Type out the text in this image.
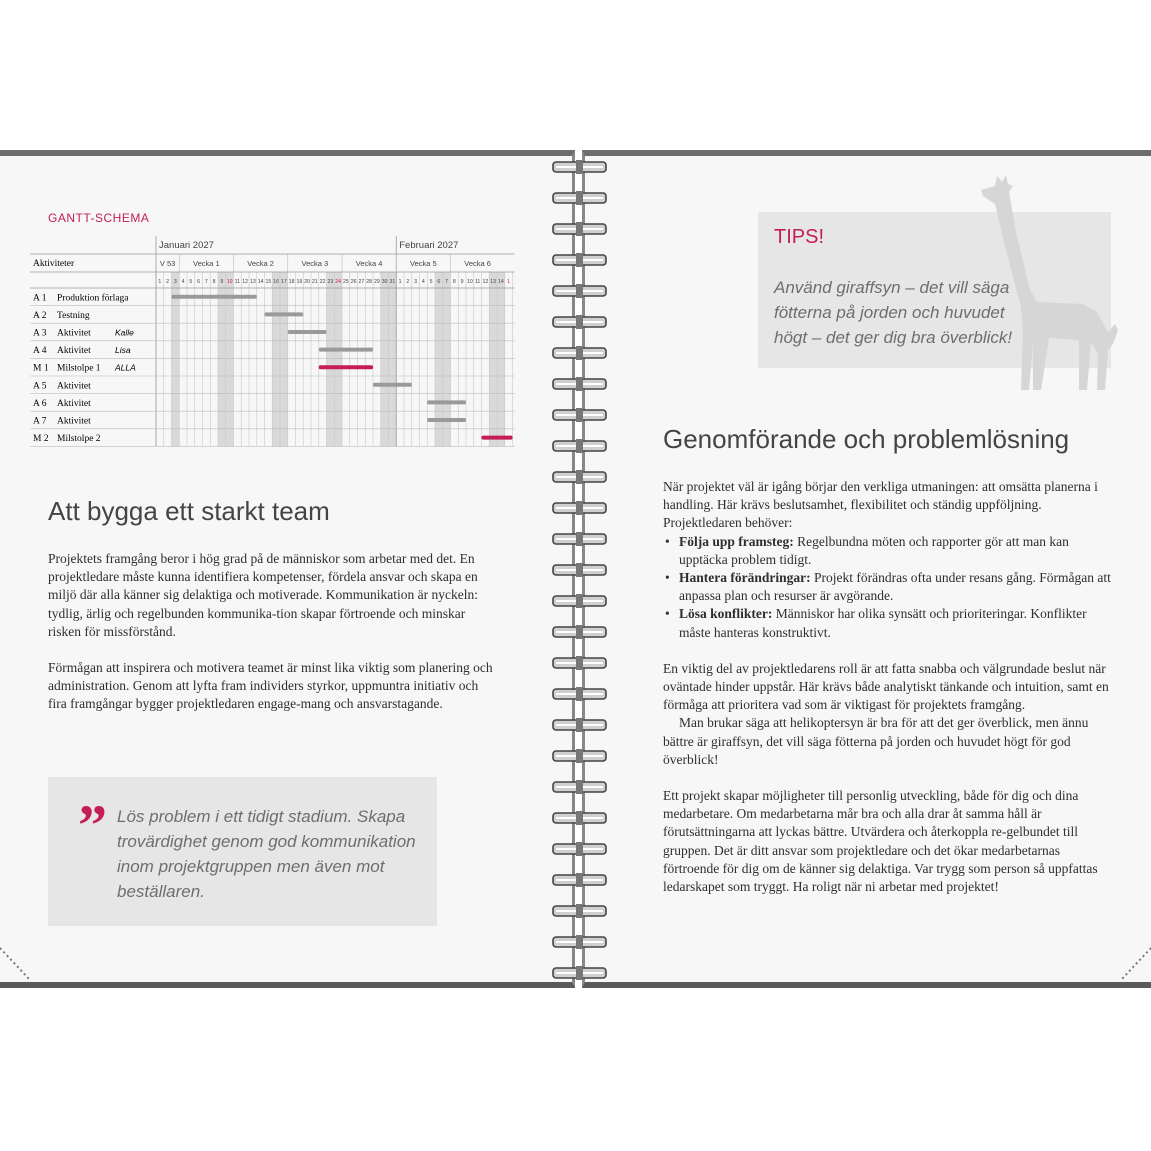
GANTT-SCHEMA
Januari 2027	Februari 2027
Aktiviteter	V 53 Vecka 1	Vecka 2	Vecka 3	Vecka 4	Vecka 5	Vecka 6
1 2 3 4 5 6 7 8 9 10 11 12 13 14 15 16 17 18 19 20 21 22 23 24 25 26 27 28 29 30 31 1 2 3 4 5 6 7 8 9 10 11 12 13 14 1
A 1 Produktion förlaga
A 2 Testning
A 3 Aktivitet	Kalle
A 4 Aktivitet	Lisa
M 1 Milstolpe 1 ALLA
A 5 Aktivitet
A 6 Aktivitet
A 7 Aktivitet
M 2 Milstolpe 2
Att bygga ett starkt team

Projektets framgång beror i hög grad på de människor som arbetar med det. En projektledare måste kunna identifiera kompetenser, fördela ansvar och skapa en miljö där alla känner sig delaktiga och motiverade. Kommunikation är nyckeln: tydlig, ärlig och regelbunden kommunika-tion skapar förtroende och minskar risken för missförstånd.

Förmågan att inspirera och motivera teamet är minst lika viktig som planering och administration. Genom att lyfta fram individers styrkor, uppmuntra initiativ och fira framgångar bygger projektledaren engage-mang och ansvarstagande.

” Lös problem i ett tidigt stadium. Skapa trovärdighet genom god kommunikation inom projektgruppen men även mot beställaren.
TIPS!
Använd giraffsyn – det vill säga fötterna på jorden och huvudet högt – det ger dig bra överblick!
Genomförande och problemlösning

När projektet väl är igång börjar den verkliga utmaningen: att omsätta planerna i handling. Här krävs beslutsamhet, flexibilitet och ständig uppföljning. Projektledaren behöver:

• Följa upp framsteg: Regelbundna möten och rapporter gör att man kan upptäcka problem tidigt.
• Hantera förändringar: Projekt förändras ofta under resans gång. Förmågan att anpassa plan och resurser är avgörande.
• Lösa konflikter: Människor har olika synsätt och prioriteringar. Konflikter måste hanteras konstruktivt.

En viktig del av projektledarens roll är att fatta snabba och välgrundade beslut när oväntade hinder uppstår. Här krävs både analytiskt tänkande och intuition, samt en förmåga att prioritera vad som är viktigast för projektets framgång.

Man brukar säga att helikoptersyn är bra för att det ger överblick, men ännu bättre är giraffsyn, det vill säga fötterna på jorden och huvudet högt för god överblick!

Ett projekt skapar möjligheter till personlig utveckling, både för dig och dina medarbetare. Om medarbetarna mår bra och alla drar åt samma håll är förutsättningarna att lyckas bättre. Utvärdera och återkoppla re-gelbundet till gruppen. Det är ditt ansvar som projektledare och det ökar medarbetarnas förtroende för dig om de känner sig delaktiga. Var trygg som person så uppfattas ledarskapet som tryggt. Ha roligt när ni arbetar med projektet!
